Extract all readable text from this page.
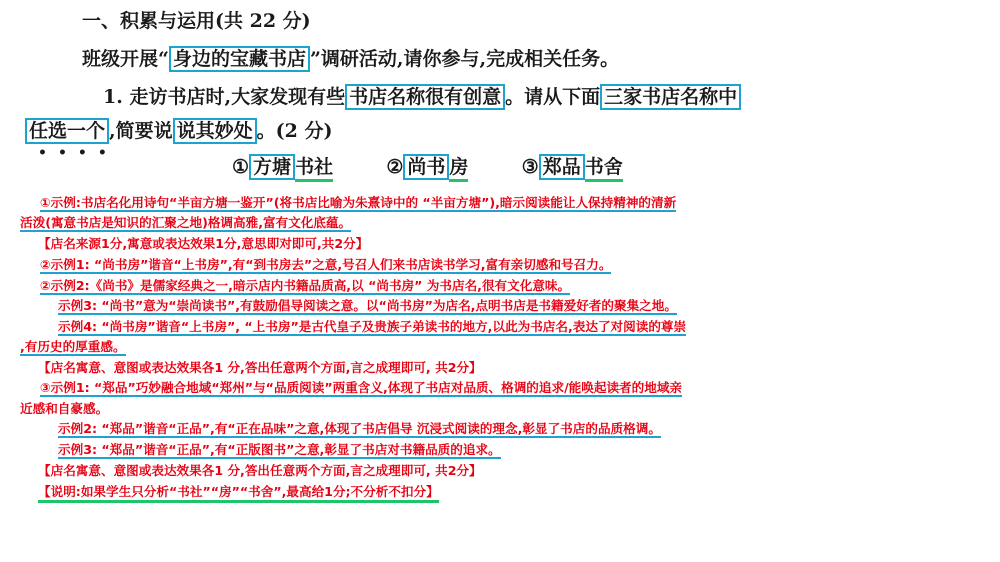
一、积累与运用(共 22 分)
班级开展“ 身边的宝藏书店 ”调研活动,请你参与,完成相关任务。
1. 走访书店时,大家发现有些 书店名称很有创意 。请从下面 三家书店名称中
任选一个 ,简要说 说其妙处 。(2 分)
••••
① 方塘 书社	② 尚书 房	③ 郑品 书舍
①示例:书店名化用诗句“半亩方塘一鉴开”(将书店比喻为朱熹诗中的 “半亩方塘”),暗示阅读能让人保持精神的清新
活泼(寓意书店是知识的汇聚之地)格调高雅,富有文化底蕴。
【店名来源1分,寓意或表达效果1分,意思即对即可,共2分】
②示例1: “尚书房”谐音“上书房”,有“到书房去”之意,号召人们来书店读书学习,富有亲切感和号召力。
②示例2:《尚书》是儒家经典之一,暗示店内书籍品质高,以 “尚书房” 为书店名,很有文化意味。
示例3: “尚书”意为“崇尚读书”,有鼓励倡导阅读之意。以“尚书房”为店名,点明书店是书籍爱好者的聚集之地。
示例4: “尚书房”谐音“上书房”, “上书房”是古代皇子及贵族子弟读书的地方,以此为书店名,表达了对阅读的尊崇
,有历史的厚重感。
【店名寓意、意图或表达效果各1 分,答出任意两个方面,言之成理即可, 共2分】
③示例1: “郑品”巧妙融合地域“郑州”与“品质阅读”两重含义,体现了书店对品质、格调的追求/能唤起读者的地域亲
近感和自豪感。
示例2: “郑品”谐音“正品”,有“正在品味”之意,体现了书店倡导 沉浸式阅读的理念,彰显了书店的品质格调。
示例3: “郑品”谐音“正品”,有“正版图书”之意,彰显了书店对书籍品质的追求。
【店名寓意、意图或表达效果各1 分,答出任意两个方面,言之成理即可, 共2分】
【说明:如果学生只分析“书社”“房”“书舍”,最高给1分;不分析不扣分】
